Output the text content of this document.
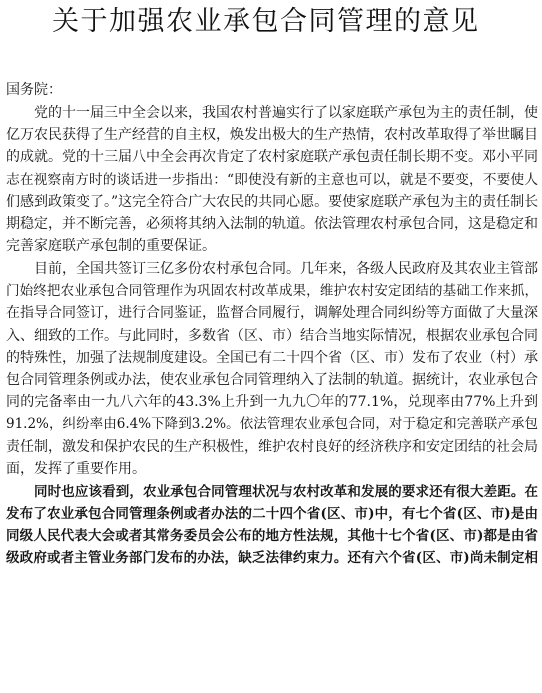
关于加强农业承包合同管理的意见
国务院：
党的十一届三中全会以来，我国农村普遍实行了以家庭联产承包为主的责任制，使
亿万农民获得了生产经营的自主权，焕发出极大的生产热情，农村改革取得了举世瞩目
的成就。党的十三届八中全会再次肯定了农村家庭联产承包责任制长期不变。邓小平同
志在视察南方时的谈话进一步指出：“即使没有新的主意也可以，就是不要变，不要使人
们感到政策变了。”这完全符合广大农民的共同心愿。要使家庭联产承包为主的责任制长
期稳定，并不断完善，必须将其纳入法制的轨道。依法管理农村承包合同，这是稳定和
完善家庭联产承包制的重要保证。
目前，全国共签订三亿多份农村承包合同。几年来，各级人民政府及其农业主管部
门始终把农业承包合同管理作为巩固农村改革成果，维护农村安定团结的基础工作来抓，
在指导合同签订，进行合同鉴证，监督合同履行，调解处理合同纠纷等方面做了大量深
入、细致的工作。与此同时，多数省（区、市）结合当地实际情况，根据农业承包合同
的特殊性，加强了法规制度建设。全国已有二十四个省（区、市）发布了农业（村）承
包合同管理条例或办法，使农业承包合同管理纳入了法制的轨道。据统计，农业承包合
同的完备率由一九八六年的43.3%上升到一九九〇年的77.1%，兑现率由77%上升到
91.2%，纠纷率由6.4%下降到3.2%。依法管理农业承包合同，对于稳定和完善联产承包
责任制，激发和保护农民的生产积极性，维护农村良好的经济秩序和安定团结的社会局
面，发挥了重要作用。
同时也应该看到，农业承包合同管理状况与农村改革和发展的要求还有很大差距。在
发布了农业承包合同管理条例或者办法的二十四个省(区、市)中，有七个省(区、市)是由
同级人民代表大会或者其常务委员会公布的地方性法规，其他十七个省(区、市)都是由省
级政府或者主管业务部门发布的办法，缺乏法律约束力。还有六个省(区、市)尚未制定相
